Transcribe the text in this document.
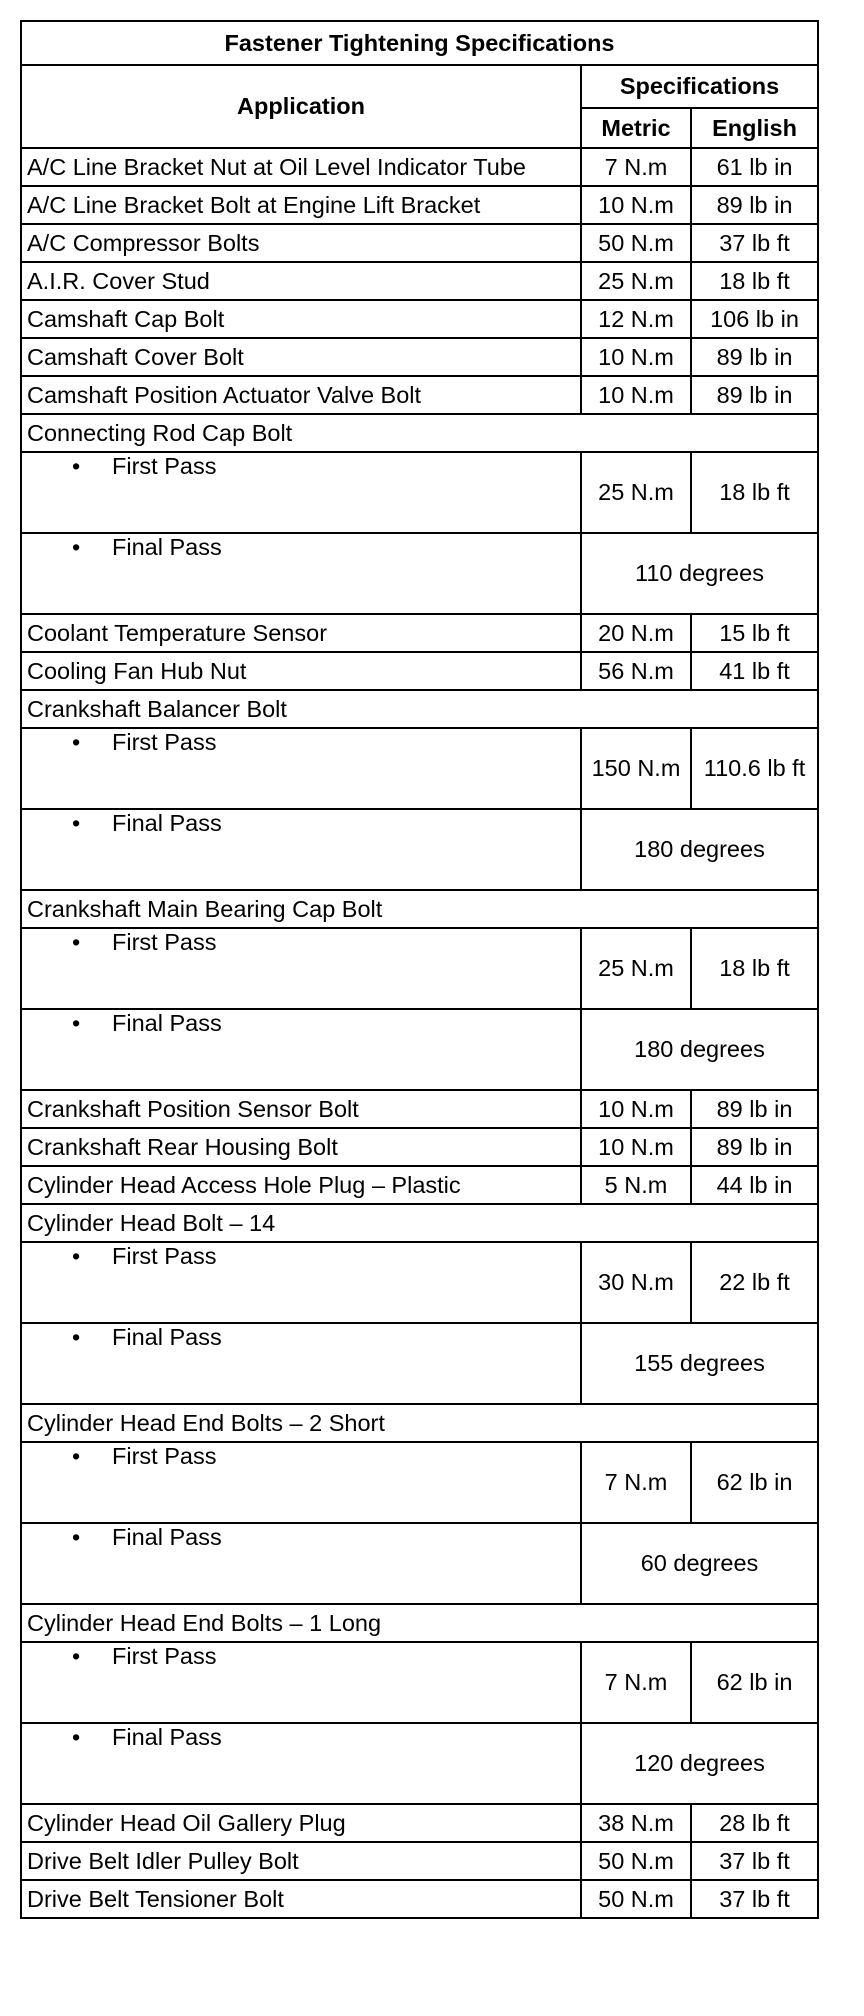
Fastener Tightening Specifications		
Application	Specifications	
	Metric	English
A/C Line Bracket Nut at Oil Level Indicator Tube	7 N.m	61 lb in
A/C Line Bracket Bolt at Engine Lift Bracket	10 N.m	89 lb in
A/C Compressor Bolts	50 N.m	37 lb ft
A.I.R. Cover Stud	25 N.m	18 lb ft
Camshaft Cap Bolt	12 N.m	106 lb in
Camshaft Cover Bolt	10 N.m	89 lb in
Camshaft Position Actuator Valve Bolt	10 N.m	89 lb in
Connecting Rod Cap Bolt		
• First Pass	25 N.m	18 lb ft
• Final Pass	110 degrees	
Coolant Temperature Sensor	20 N.m	15 lb ft
Cooling Fan Hub Nut	56 N.m	41 lb ft
Crankshaft Balancer Bolt		
• First Pass	150 N.m	110.6 lb ft
• Final Pass	180 degrees	
Crankshaft Main Bearing Cap Bolt		
• First Pass	25 N.m	18 lb ft
• Final Pass	180 degrees	
Crankshaft Position Sensor Bolt	10 N.m	89 lb in
Crankshaft Rear Housing Bolt	10 N.m	89 lb in
Cylinder Head Access Hole Plug – Plastic	5 N.m	44 lb in
Cylinder Head Bolt – 14		
• First Pass	30 N.m	22 lb ft
• Final Pass	155 degrees	
Cylinder Head End Bolts – 2 Short		
• First Pass	7 N.m	62 lb in
• Final Pass	60 degrees	
Cylinder Head End Bolts – 1 Long		
• First Pass	7 N.m	62 lb in
• Final Pass	120 degrees	
Cylinder Head Oil Gallery Plug	38 N.m	28 lb ft
Drive Belt Idler Pulley Bolt	50 N.m	37 lb ft
Drive Belt Tensioner Bolt	50 N.m	37 lb ft
